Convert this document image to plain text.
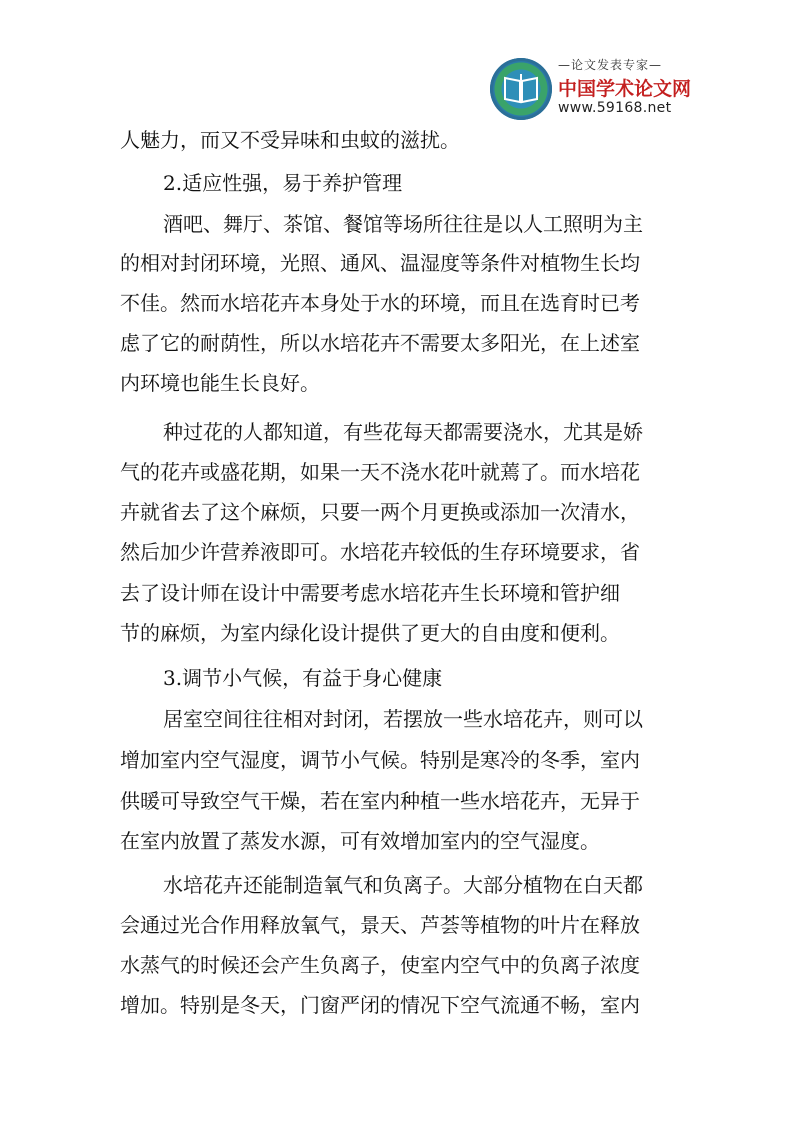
—论文发表专家—
中国学术论文网
www.59168.net
人魅力，而又不受异味和虫蚊的滋扰。
2.适应性强，易于养护管理
酒吧、舞厅、茶馆、餐馆等场所往往是以人工照明为主
的相对封闭环境，光照、通风、温湿度等条件对植物生长均
不佳。然而水培花卉本身处于水的环境，而且在选育时已考
虑了它的耐荫性，所以水培花卉不需要太多阳光，在上述室
内环境也能生长良好。
种过花的人都知道，有些花每天都需要浇水，尤其是娇
气的花卉或盛花期，如果一天不浇水花叶就蔫了。而水培花
卉就省去了这个麻烦，只要一两个月更换或添加一次清水，
然后加少许营养液即可。水培花卉较低的生存环境要求，省
去了设计师在设计中需要考虑水培花卉生长环境和管护细
节的麻烦，为室内绿化设计提供了更大的自由度和便利。
3.调节小气候，有益于身心健康
居室空间往往相对封闭，若摆放一些水培花卉，则可以
增加室内空气湿度，调节小气候。特别是寒冷的冬季，室内
供暖可导致空气干燥，若在室内种植一些水培花卉，无异于
在室内放置了蒸发水源，可有效增加室内的空气湿度。
水培花卉还能制造氧气和负离子。大部分植物在白天都
会通过光合作用释放氧气，景天、芦荟等植物的叶片在释放
水蒸气的时候还会产生负离子，使室内空气中的负离子浓度
增加。特别是冬天，门窗严闭的情况下空气流通不畅，室内
